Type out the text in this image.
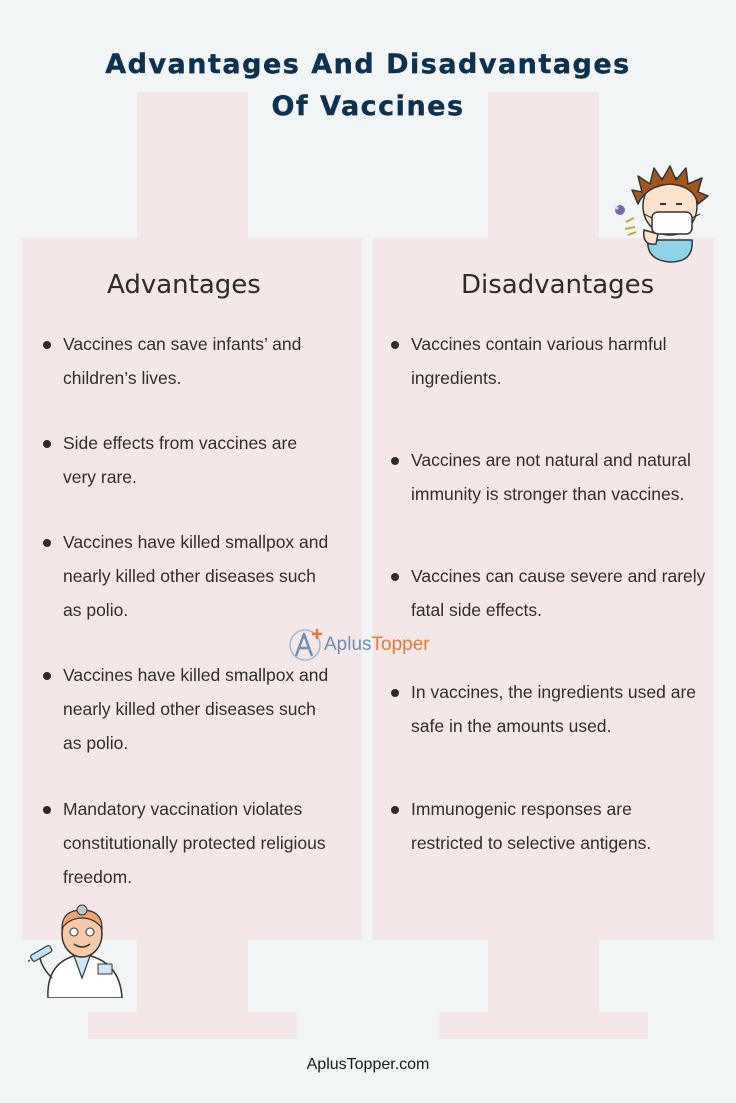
Advantages And Disadvantages
Of Vaccines
Advantages	Disadvantages
Vaccines can save infants’ and children’s lives.
Side effects from vaccines are very rare.
Vaccines have killed smallpox and nearly killed other diseases such as polio.
Vaccines have killed smallpox and nearly killed other diseases such as polio.
Mandatory vaccination violates constitutionally protected religious freedom.
Vaccines contain various harmful ingredients.
Vaccines are not natural and natural immunity is stronger than vaccines.
Vaccines can cause severe and rarely fatal side effects.
In vaccines, the ingredients used are safe in the amounts used.
Immunogenic responses are restricted to selective antigens.
AplusTopper
AplusTopper.com
